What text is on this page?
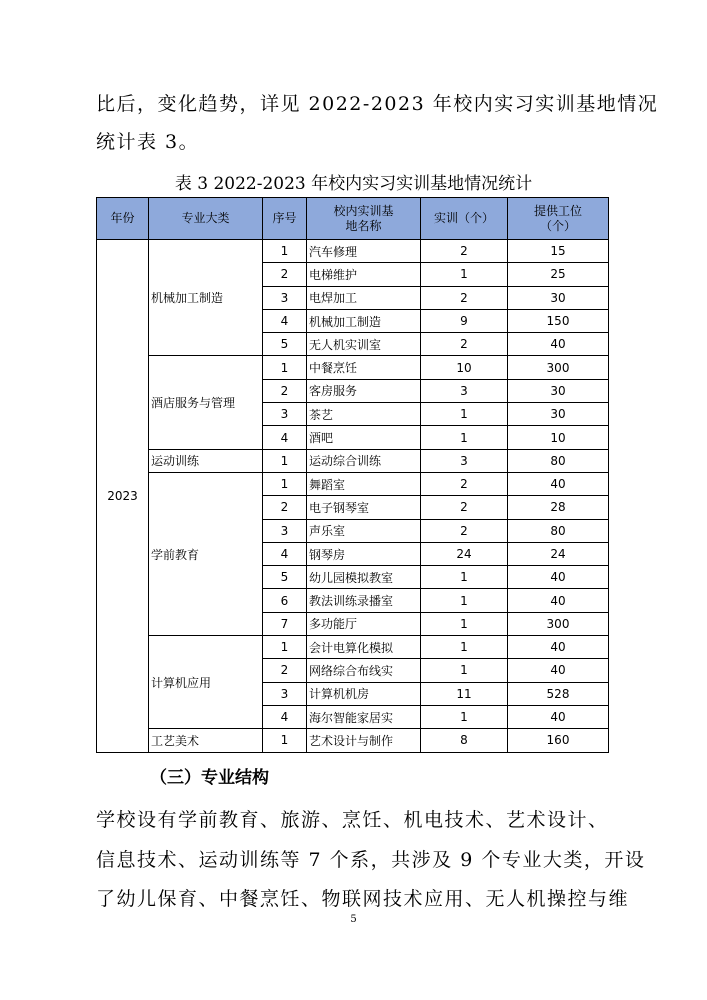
比后，变化趋势，详见 2022-2023 年校内实习实训基地情况
统计表 3。
表 3 2022-2023 年校内实习实训基地情况统计
年份	专业大类	序号	校内实训基地名称	实训（个）	提供工位（个）
2023	机械加工制造	1	汽车修理	2	15
		2	电梯维护	1	25
		3	电焊加工	2	30
		4	机械加工制造	9	150
		5	无人机实训室	2	40
	酒店服务与管理	1	中餐烹饪	10	300
		2	客房服务	3	30
		3	茶艺	1	30
		4	酒吧	1	10
	运动训练	1	运动综合训练	3	80
	学前教育	1	舞蹈室	2	40
		2	电子钢琴室	2	28
		3	声乐室	2	80
		4	钢琴房	24	24
		5	幼儿园模拟教室	1	40
		6	教法训练录播室	1	40
		7	多功能厅	1	300
	计算机应用	1	会计电算化模拟	1	40
		2	网络综合布线实	1	40
		3	计算机机房	11	528
		4	海尔智能家居实	1	40
	工艺美术	1	艺术设计与制作	8	160
（三）专业结构
学校设有学前教育、旅游、烹饪、机电技术、艺术设计、
信息技术、运动训练等 7 个系，共涉及 9 个专业大类，开设
了幼儿保育、中餐烹饪、物联网技术应用、无人机操控与维
5
